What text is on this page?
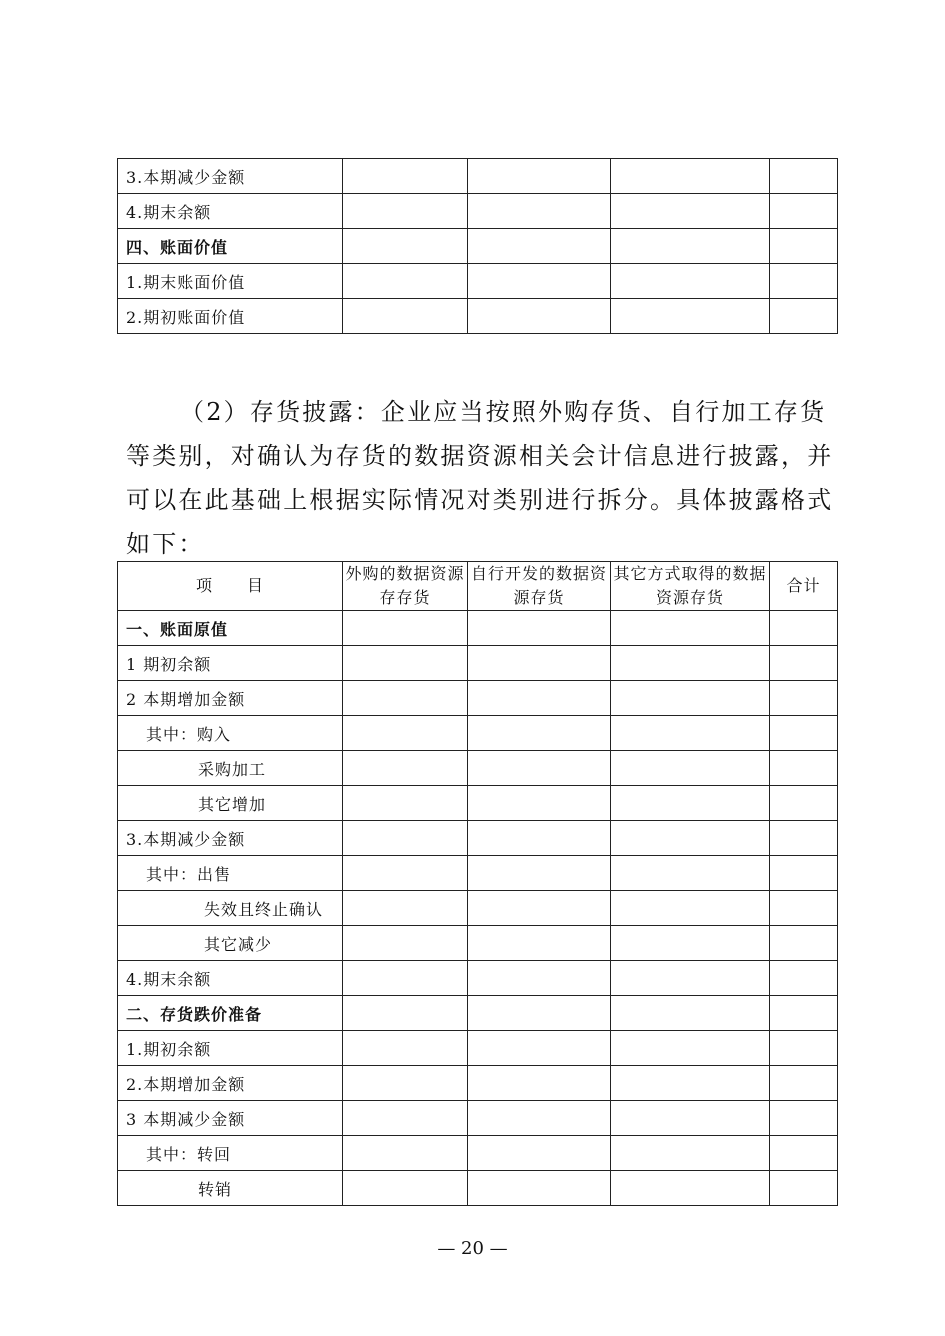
3.本期减少金额				
4.期末余额				
四、账面价值				
1.期末账面价值				
2.期初账面价值				
（2）存货披露：企业应当按照外购存货、自行加工存货等类别，对确认为存货的数据资源相关会计信息进行披露，并可以在此基础上根据实际情况对类别进行拆分。具体披露格式如下：
项　　目	外购的数据资源存存货	自行开发的数据资源存货	其它方式取得的数据资源存货	合计
一、账面原值				
1 期初余额				
2 本期增加金额				
其中：购入				
采购加工				
其它增加				
3.本期减少金额				
其中：出售				
失效且终止确认				
其它减少				
4.期末余额				
二、存货跌价准备				
1.期初余额				
2.本期增加金额				
3 本期减少金额				
其中：转回				
转销				
— 20 —
